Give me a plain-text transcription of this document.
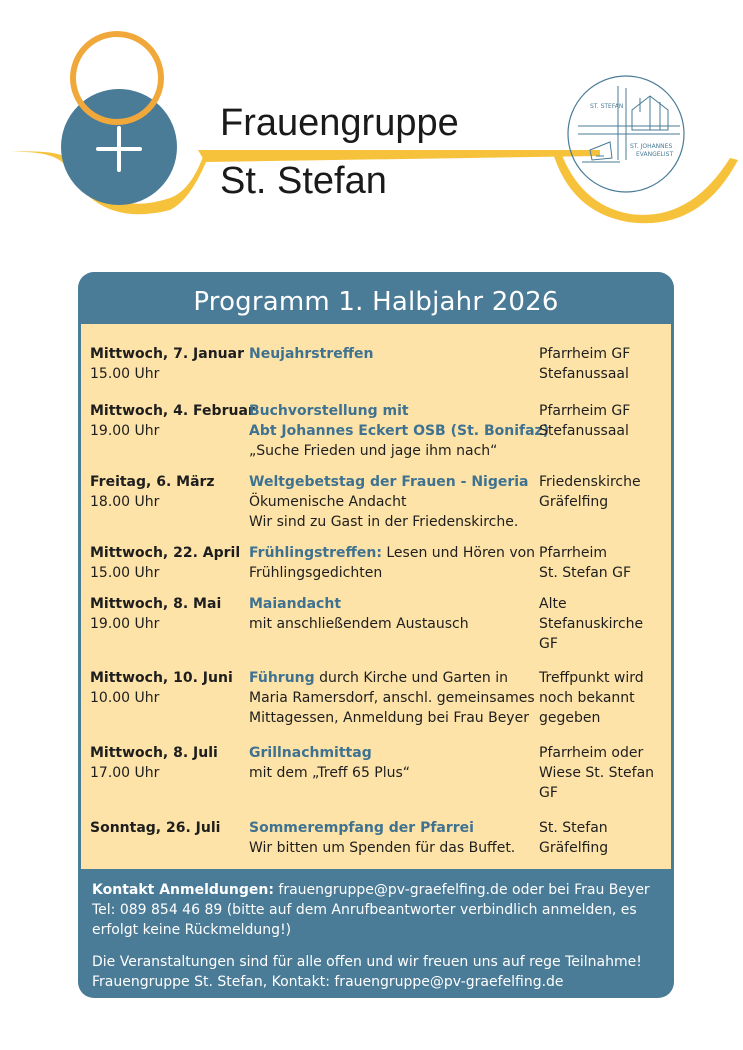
ST. STEFAN
ST. JOHANNES
EVANGELIST
Frauengruppe
St. Stefan
Programm 1. Halbjahr 2026
Mittwoch, 7. Januar
15.00 Uhr
Neujahrstreffen	Pfarrheim GF
Stefanussaal
Mittwoch, 4. Februar
19.00 Uhr
Buchvorstellung mit
Abt Johannes Eckert OSB (St. Bonifaz)
„Suche Frieden und jage ihm nach“
Pfarrheim GF
Stefanussaal
Freitag, 6. März
18.00 Uhr
Weltgebetstag der Frauen - Nigeria
Ökumenische Andacht
Wir sind zu Gast in der Friedenskirche.
Friedenskirche
Gräfelfing
Mittwoch, 22. April
15.00 Uhr
Frühlingstreffen: Lesen und Hören von
Frühlingsgedichten
Pfarrheim
St. Stefan GF
Mittwoch, 8. Mai
19.00 Uhr
Maiandacht
mit anschließendem Austausch
Alte
Stefanuskirche
GF
Mittwoch, 10. Juni
10.00 Uhr
Führung durch Kirche und Garten in
Maria Ramersdorf, anschl. gemeinsames
Mittagessen, Anmeldung bei Frau Beyer
Treffpunkt wird
noch bekannt
gegeben
Mittwoch, 8. Juli
17.00 Uhr
Grillnachmittag
mit dem „Treff 65 Plus“
Pfarrheim oder
Wiese St. Stefan
GF
Sonntag, 26. Juli	Sommerempfang der Pfarrei
Wir bitten um Spenden für das Buffet.
St. Stefan
Gräfelfing
Kontakt Anmeldungen: frauengruppe@pv-graefelfing.de oder bei Frau Beyer
Tel: 089 854 46 89 (bitte auf dem Anrufbeantworter verbindlich anmelden, es
erfolgt keine Rückmeldung!)
Die Veranstaltungen sind für alle offen und wir freuen uns auf rege Teilnahme!
Frauengruppe St. Stefan, Kontakt: frauengruppe@pv-graefelfing.de
